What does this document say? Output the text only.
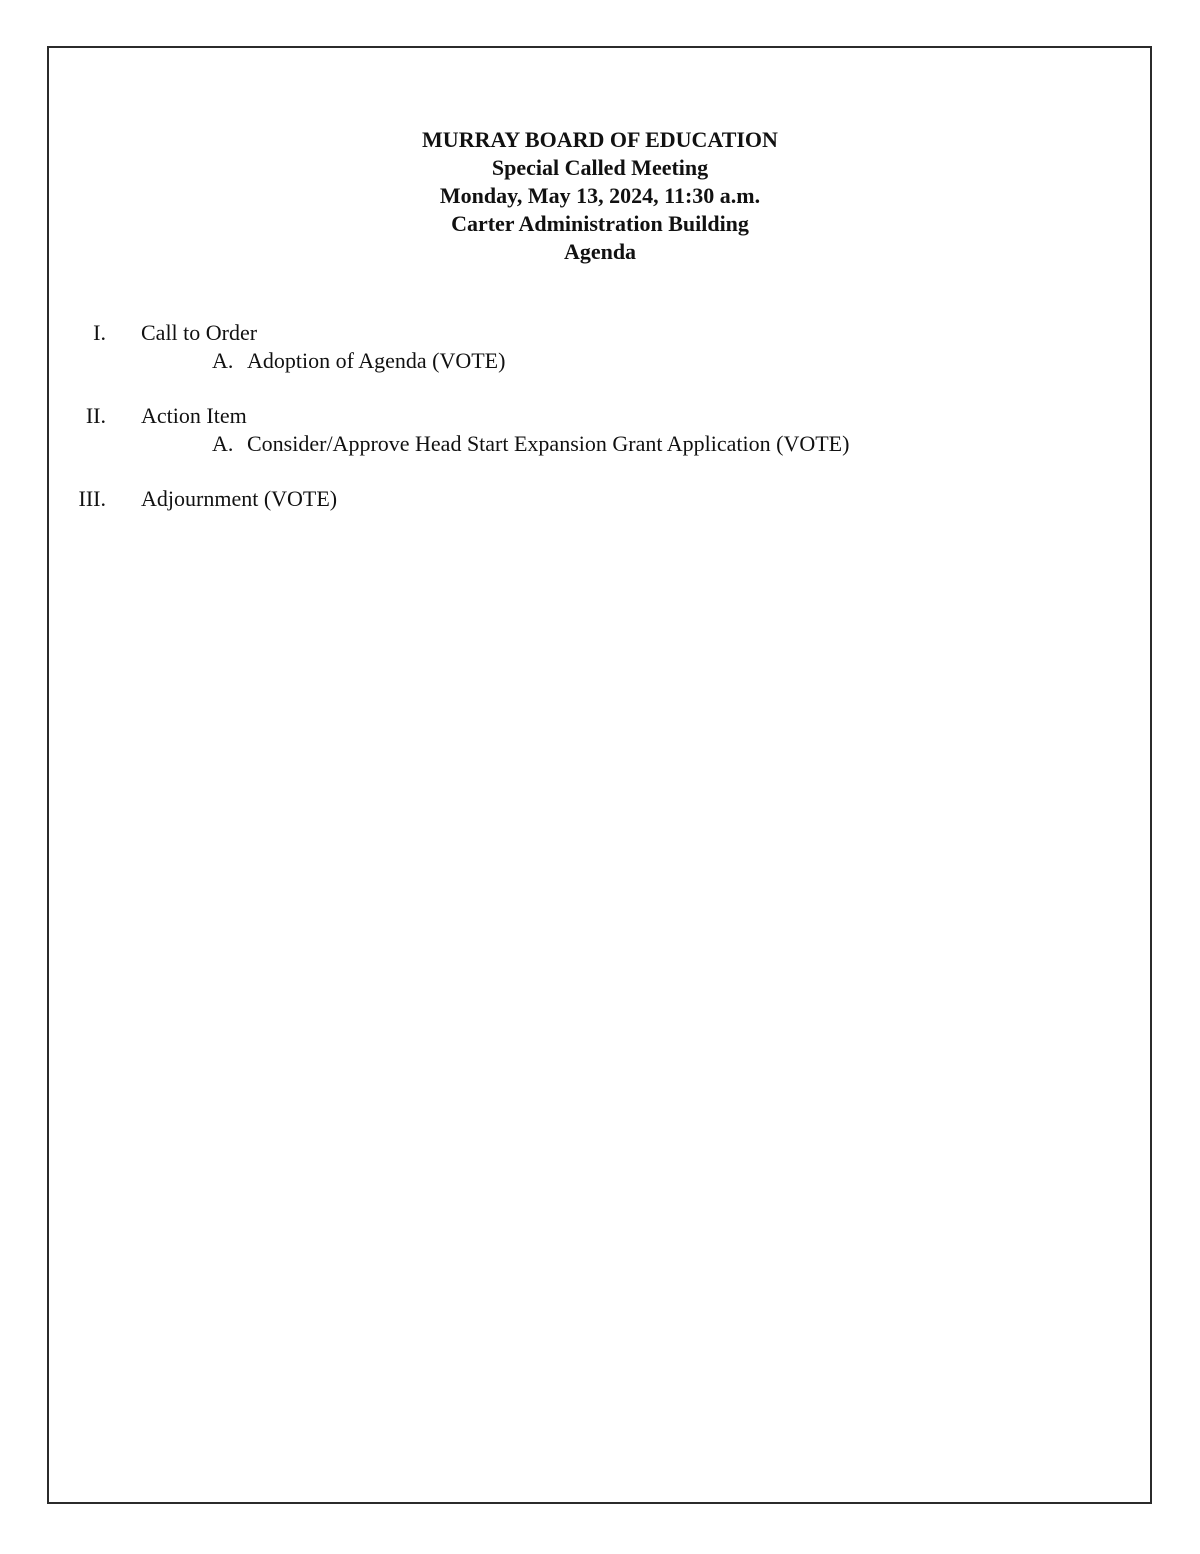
MURRAY BOARD OF EDUCATION
Special Called Meeting
Monday, May 13, 2024, 11:30 a.m.
Carter Administration Building
Agenda
I. Call to Order
A. Adoption of Agenda (VOTE)
II. Action Item
A. Consider/Approve Head Start Expansion Grant Application (VOTE)
III. Adjournment (VOTE)
